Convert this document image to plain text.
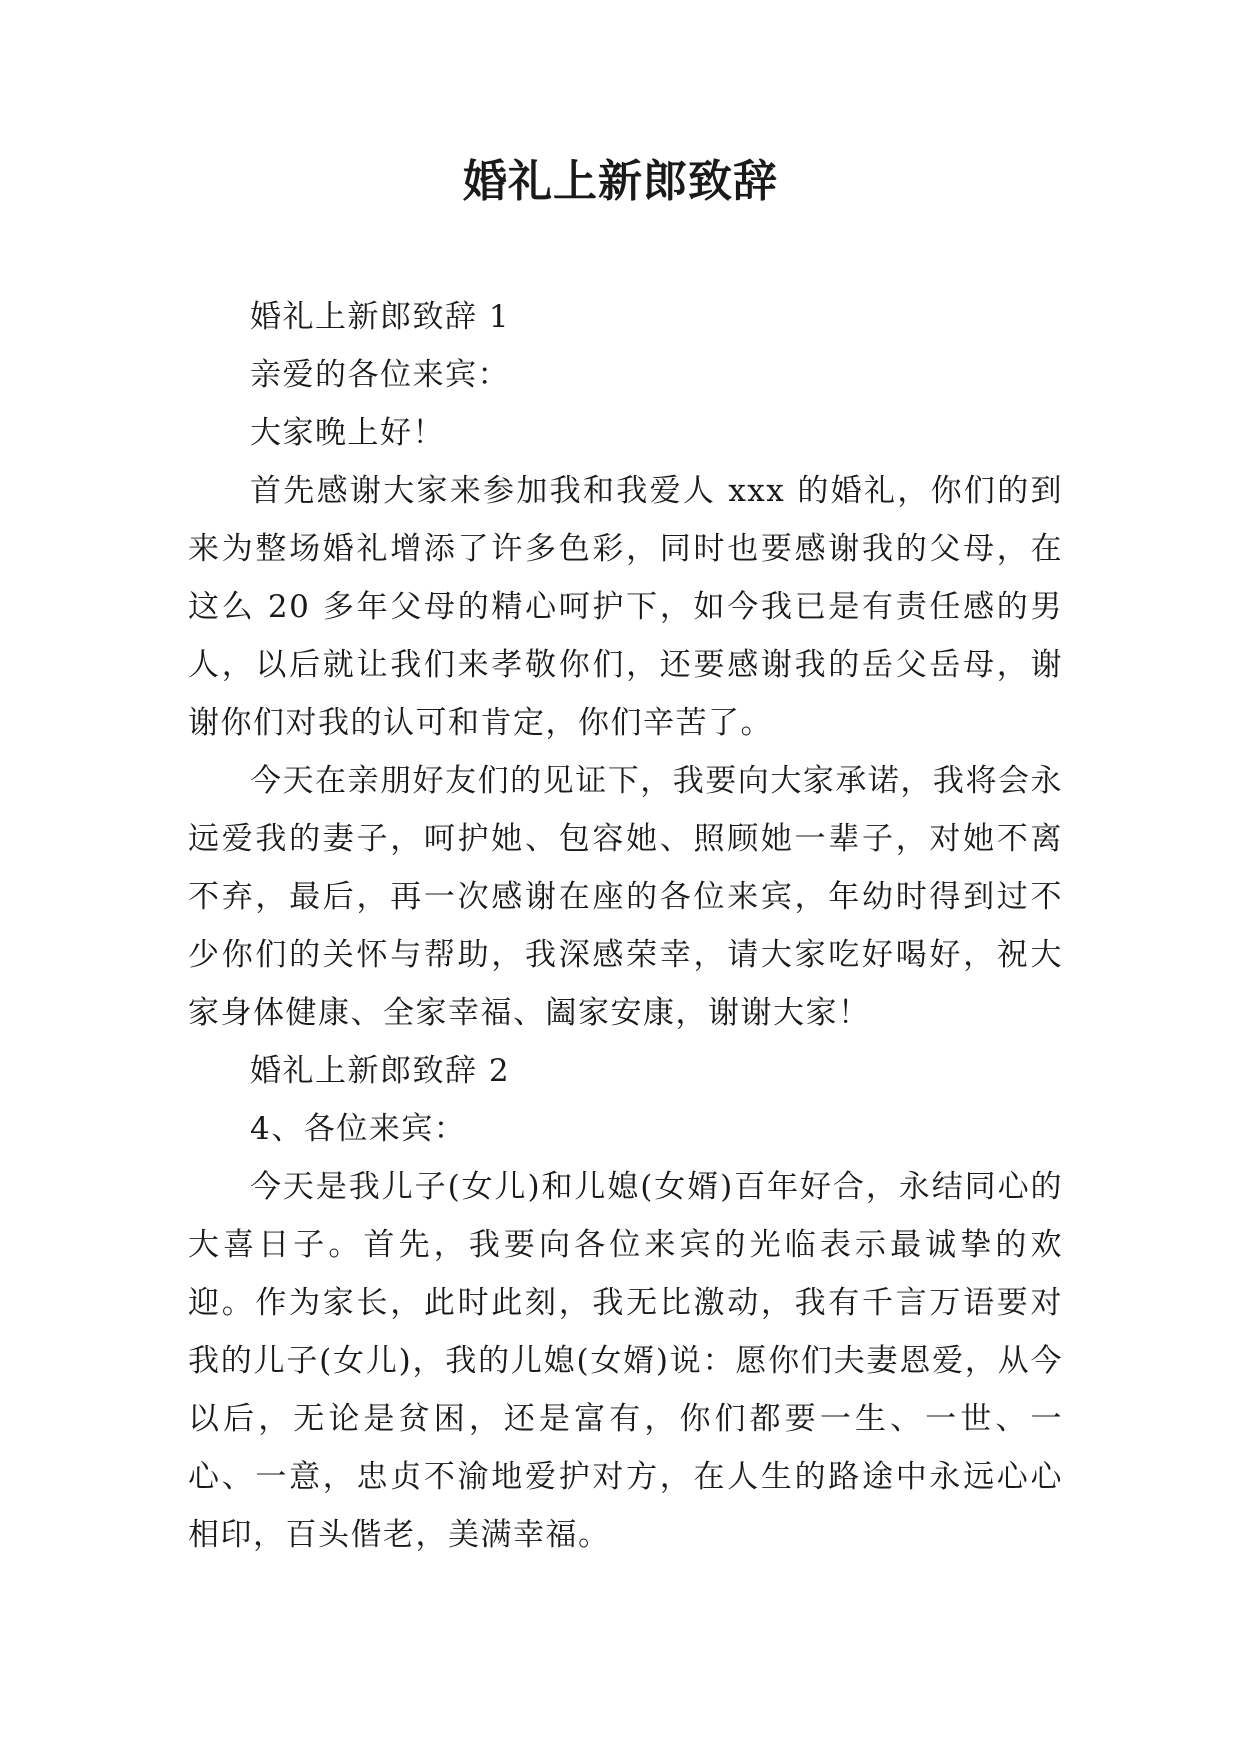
婚礼上新郎致辞

婚礼上新郎致辞 1

亲爱的各位来宾：

大家晚上好！

首先感谢大家来参加我和我爱人 xxx 的婚礼，你们的到来为整场婚礼增添了许多色彩，同时也要感谢我的父母，在这么 20 多年父母的精心呵护下，如今我已是有责任感的男人，以后就让我们来孝敬你们，还要感谢我的岳父岳母，谢谢你们对我的认可和肯定，你们辛苦了。

今天在亲朋好友们的见证下，我要向大家承诺，我将会永远爱我的妻子，呵护她、包容她、照顾她一辈子，对她不离不弃，最后，再一次感谢在座的各位来宾，年幼时得到过不少你们的关怀与帮助，我深感荣幸，请大家吃好喝好，祝大家身体健康、全家幸福、阖家安康，谢谢大家！

婚礼上新郎致辞 2

4、各位来宾：

今天是我儿子(女儿)和儿媳(女婿)百年好合，永结同心的大喜日子。首先，我要向各位来宾的光临表示最诚挚的欢迎。作为家长，此时此刻，我无比激动，我有千言万语要对我的儿子(女儿)，我的儿媳(女婿)说：愿你们夫妻恩爱，从今以后，无论是贫困，还是富有，你们都要一生、一世、一心、一意，忠贞不渝地爱护对方，在人生的路途中永远心心相印，百头偕老，美满幸福。
